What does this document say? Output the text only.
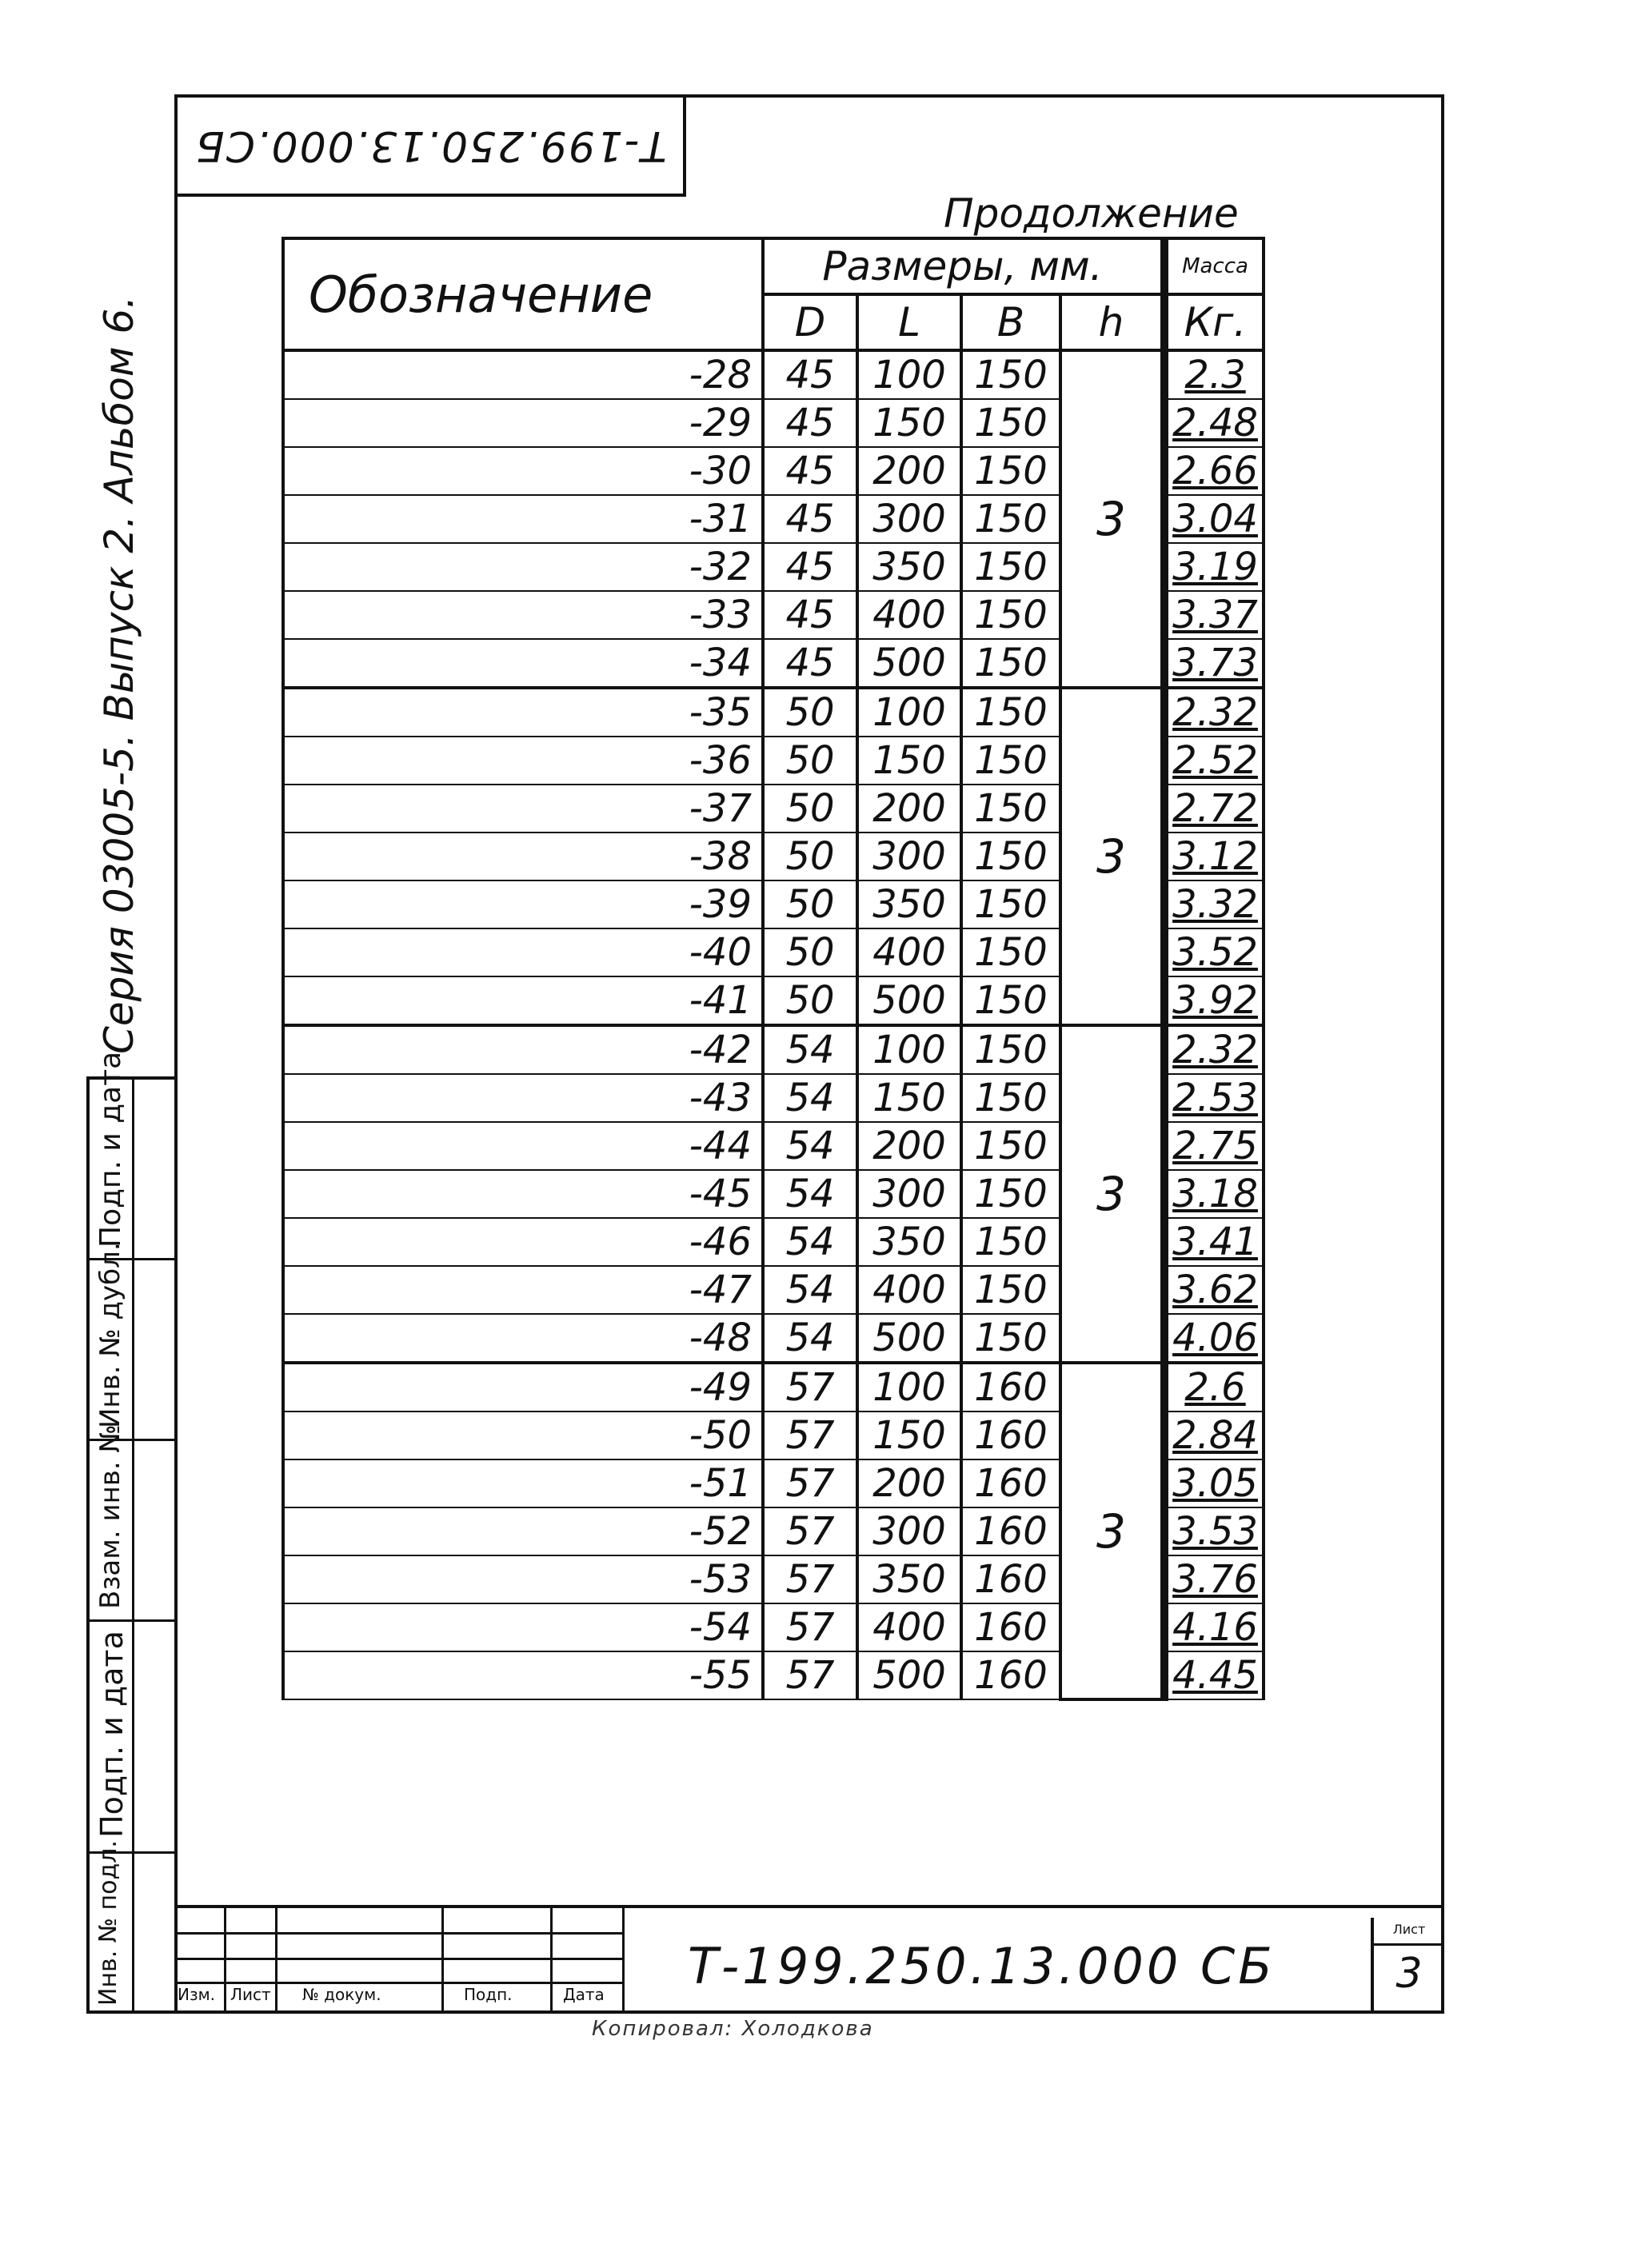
Т-199.250.13.000.СБ
Продолжение
Серия 03005-5. Выпуск 2. Альбом 6.
Подп. и дата
Инв. № дубл.
Взам. инв. №
Подп. и дата
Инв. № подл.
Обозначение	Размеры, мм.				Масса
	D	L	B	h	Кг.
-28	45	100	150	3	2.3
-29	45	150	150		2.48
-30	45	200	150		2.66
-31	45	300	150		3.04
-32	45	350	150		3.19
-33	45	400	150		3.37
-34	45	500	150		3.73
-35	50	100	150	3	2.32
-36	50	150	150		2.52
-37	50	200	150		2.72
-38	50	300	150		3.12
-39	50	350	150		3.32
-40	50	400	150		3.52
-41	50	500	150		3.92
-42	54	100	150	3	2.32
-43	54	150	150		2.53
-44	54	200	150		2.75
-45	54	300	150		3.18
-46	54	350	150		3.41
-47	54	400	150		3.62
-48	54	500	150		4.06
-49	57	100	160	3	2.6
-50	57	150	160		2.84
-51	57	200	160		3.05
-52	57	300	160		3.53
-53	57	350	160		3.76
-54	57	400	160		4.16
-55	57	500	160		4.45
Изм. Лист № докум.	Подп.	Дата Т-199.250.13.000 СБ
Лист
3
Копировал: Холодкова
